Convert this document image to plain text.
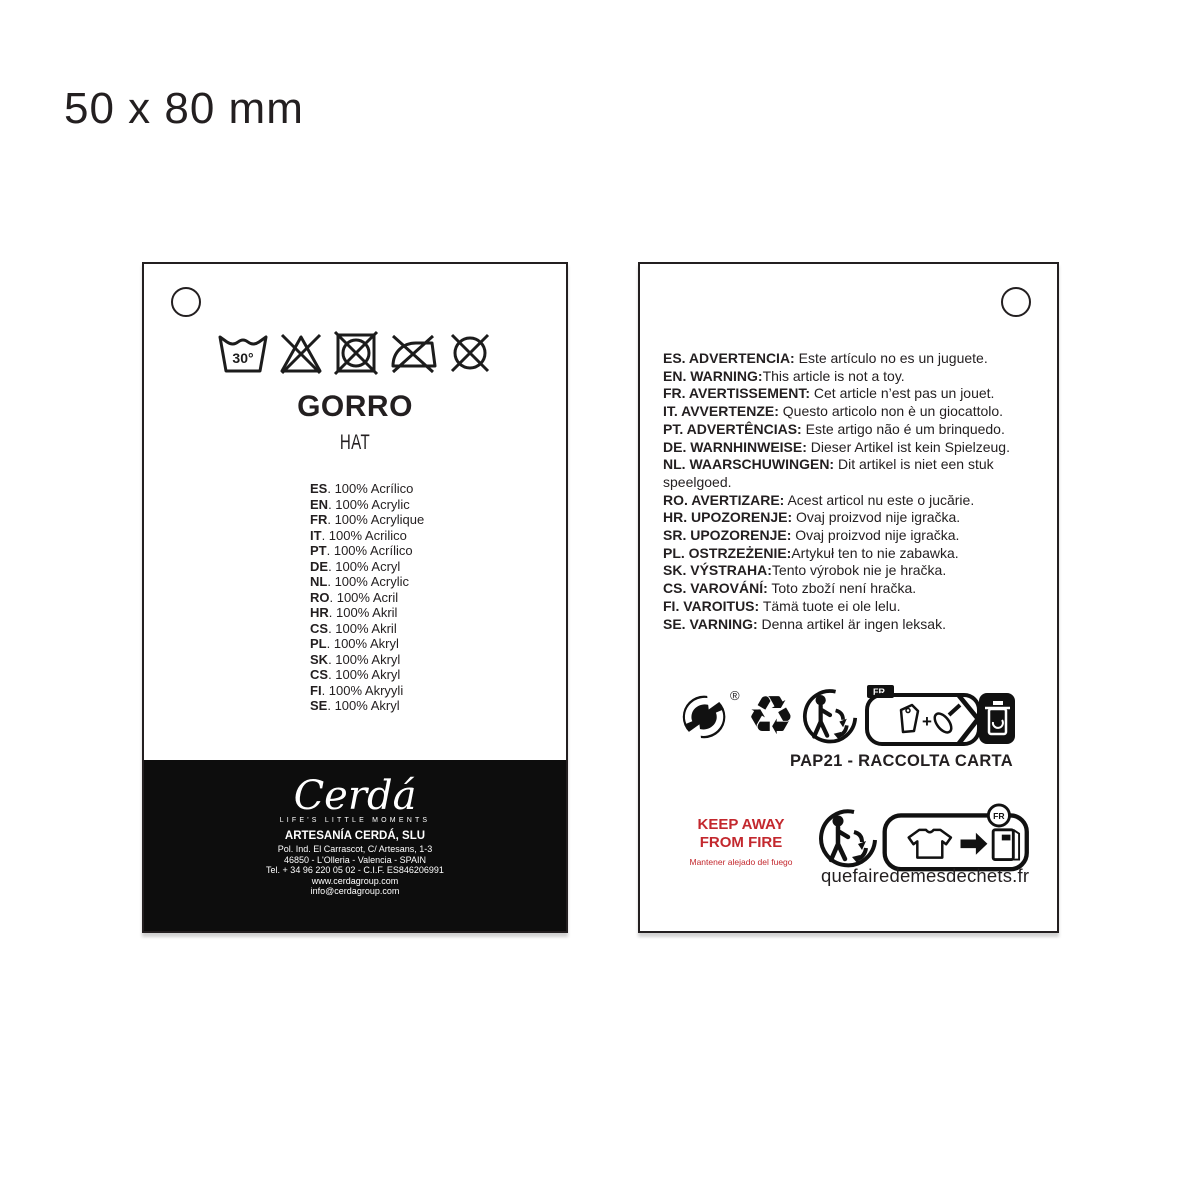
50 x 80 mm
30°
GORRO
HAT
ES. 100% Acrílico
EN. 100% Acrylic
FR. 100% Acrylique
IT. 100% Acrilico
PT. 100% Acrílico
DE. 100% Acryl
NL. 100% Acrylic
RO. 100% Acril
HR. 100% Akril
CS. 100% Akril
PL. 100% Akryl
SK. 100% Akryl
CS. 100% Akryl
FI. 100% Akryyli
SE. 100% Akryl
Cerdá
LIFE'S LITTLE MOMENTS
ARTESANÍA CERDÁ, SLU
Pol. Ind. El Carrascot, C/ Artesans, 1-3
46850 - L'Olleria - Valencia - SPAIN
Tel. + 34 96 220 05 02 - C.I.F. ES846206991
www.cerdagroup.com
info@cerdagroup.com
ES. ADVERTENCIA: Este artículo no es un juguete.
EN. WARNING:This article is not a toy.
FR. AVERTISSEMENT: Cet article n’est pas un jouet.
IT. AVVERTENZE: Questo articolo non è un giocattolo.
PT. ADVERTÊNCIAS: Este artigo não é um brinquedo.
DE. WARNHINWEISE: Dieser Artikel ist kein Spielzeug.
NL. WAARSCHUWINGEN: Dit artikel is niet een stuk speelgoed.
RO. AVERTIZARE: Acest articol nu este o jucărie.
HR. UPOZORENJE: Ovaj proizvod nije igračka.
SR. UPOZORENJE: Ovaj proizvod nije igračka.
PL. OSTRZEŻENIE:Artykuł ten to nie zabawka.
SK. VÝSTRAHA:Tento výrobok nie je hračka.
CS. VAROVÁNÍ: Toto zboží není hračka.
FI. VAROITUS: Tämä tuote ei ole lelu.
SE. VARNING: Denna artikel är ingen leksak.
® ♻	FR
+
PAP21 - RACCOLTA CARTA
KEEP AWAY
FROM FIRE
Mantener alejado del fuego
FR
quefairedemesdechets.fr
